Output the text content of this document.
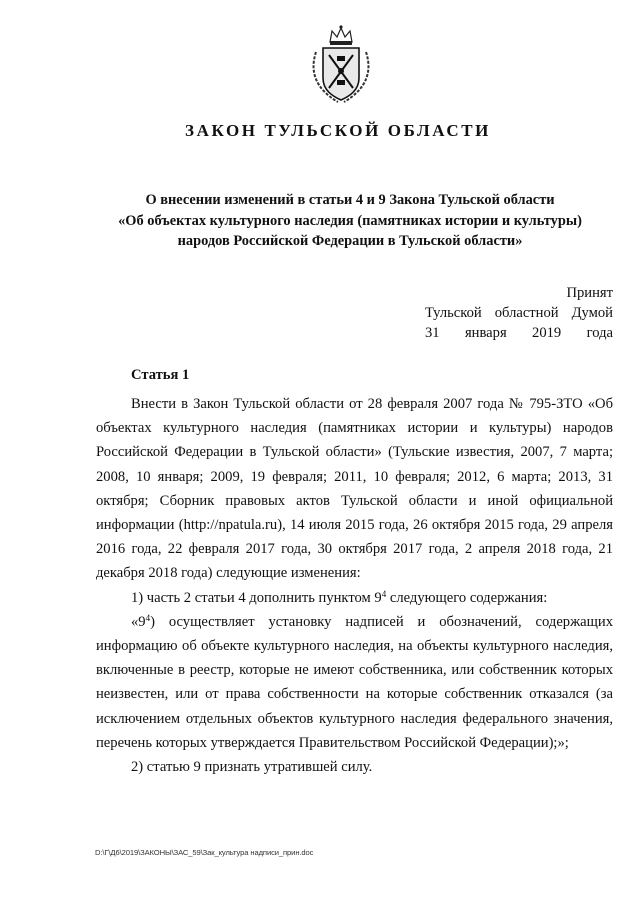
ЗАКОН ТУЛЬСКОЙ ОБЛАСТИ
О внесении изменений в статьи 4 и 9 Закона Тульской области
«Об объектах культурного наследия (памятниках истории и культуры)
народов Российской Федерации в Тульской области»
Принят
Тульской областной Думой
31 января 2019 года
Статья 1

Внести в Закон Тульской области от 28 февраля 2007 года № 795-ЗТО «Об объектах культурного наследия (памятниках истории и культуры) народов Российской Федерации в Тульской области» (Тульские известия, 2007, 7 марта; 2008, 10 января; 2009, 19 февраля; 2011, 10 февраля; 2012, 6 марта; 2013, 31 октября; Сборник правовых актов Тульской области и иной официальной информации (http://npatula.ru), 14 июля 2015 года, 26 октября 2015 года, 29 апреля 2016 года, 22 февраля 2017 года, 30 октября 2017 года, 2 апреля 2018 года, 21 декабря 2018 года) следующие изменения:

1) часть 2 статьи 4 дополнить пунктом $9^4$ следующего содержания:

«$9^4$) осуществляет установку надписей и обозначений, содержащих информацию об объекте культурного наследия, на объекты культурного наследия, включенные в реестр, которые не имеют собственника, или собственник которых неизвестен, или от права собственности на которые собственник отказался (за исключением отдельных объектов культурного наследия федерального значения, перечень которых утверждается Правительством Российской Федерации);»;

2) статью 9 признать утратившей силу.

D:\Г\Д6\2019\ЗАКОНЫ\ЗАС_59\Зак_культура надписи_прин.doc
